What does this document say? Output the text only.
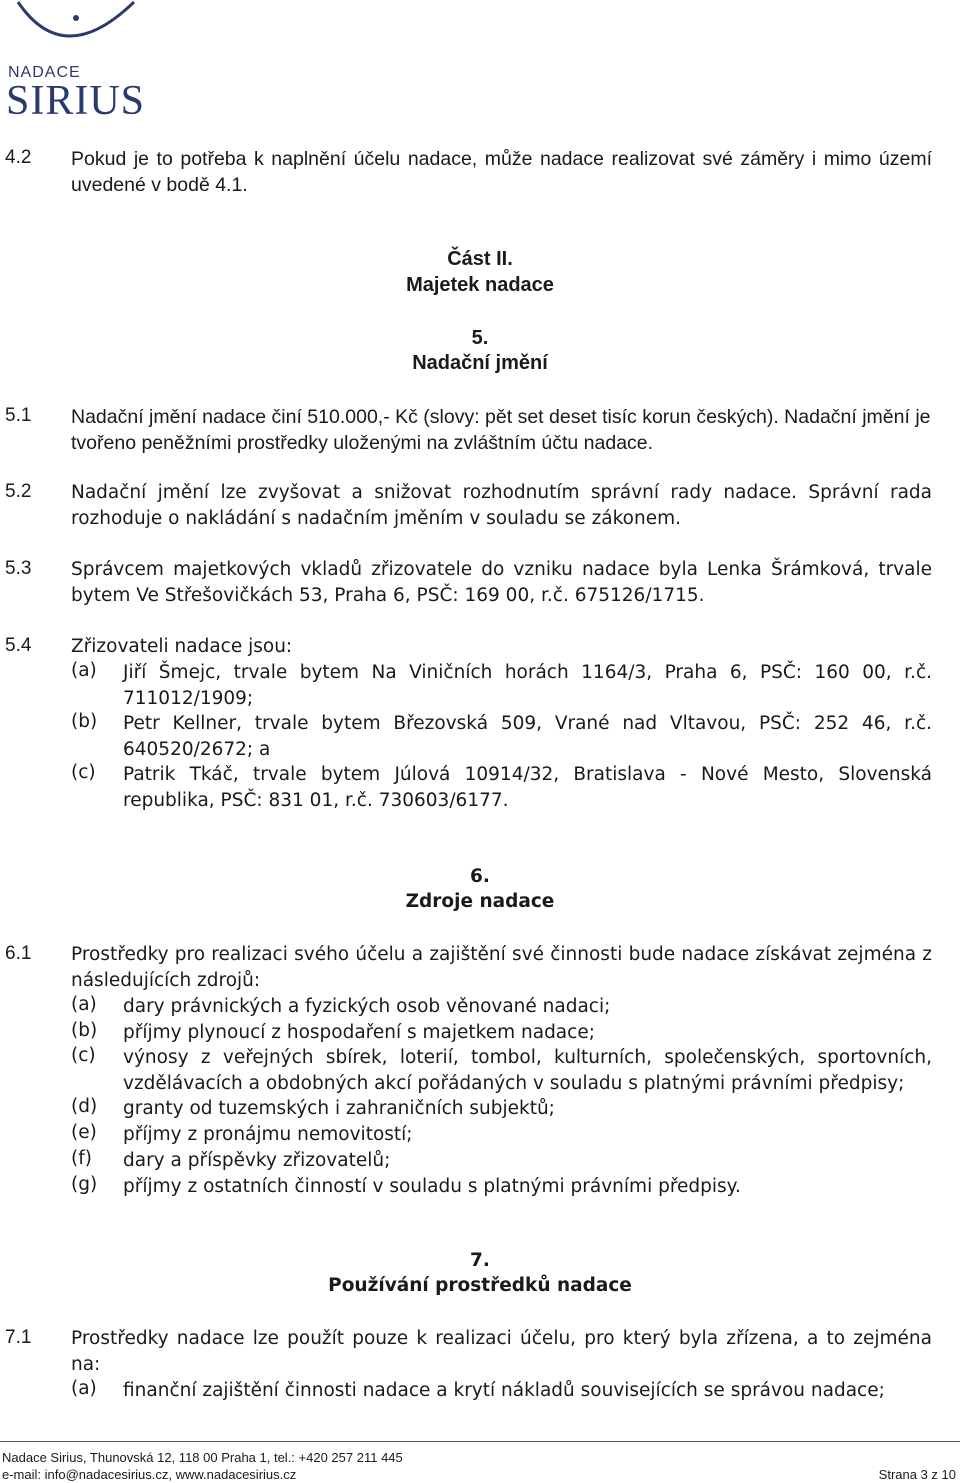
NADACE
SIRIUS
4.2 Pokud je to potřeba k naplnění účelu nadace, může nadace realizovat své záměry i mimo území uvedené v bodě 4.1.
Část II.
Majetek nadace
5.
Nadační jmění
5.1 Nadační jmění nadace činí 510.000,- Kč (slovy: pět set deset tisíc korun českých). Nadační jmění je tvořeno peněžními prostředky uloženými na zvláštním účtu nadace.
5.2 Nadační jmění lze zvyšovat a snižovat rozhodnutím správní rady nadace. Správní rada rozhoduje o nakládání s nadačním jměním v souladu se zákonem.
5.3 Správcem majetkových vkladů zřizovatele do vzniku nadace byla Lenka Šrámková, trvale bytem Ve Střešovičkách 53, Praha 6, PSČ: 169 00, r.č. 675126/1715.
5.4 Zřizovateli nadace jsou:
(a) Jiří Šmejc, trvale bytem Na Viničních horách 1164/3, Praha 6, PSČ: 160 00, r.č. 711012/1909;
(b) Petr Kellner, trvale bytem Březovská 509, Vrané nad Vltavou, PSČ: 252 46, r.č. 640520/2672; a
(c) Patrik Tkáč, trvale bytem Júlová 10914/32, Bratislava - Nové Mesto, Slovenská republika, PSČ: 831 01, r.č. 730603/6177.
6.
Zdroje nadace
6.1 Prostředky pro realizaci svého účelu a zajištění své činnosti bude nadace získávat zejména z následujících zdrojů:
(a) dary právnických a fyzických osob věnované nadaci;
(b) příjmy plynoucí z hospodaření s majetkem nadace;
(c) výnosy z veřejných sbírek, loterií, tombol, kulturních, společenských, sportovních, vzdělávacích a obdobných akcí pořádaných v souladu s platnými právními předpisy;
(d) granty od tuzemských i zahraničních subjektů;
(e) příjmy z pronájmu nemovitostí;
(f) dary a příspěvky zřizovatelů;
(g) příjmy z ostatních činností v souladu s platnými právními předpisy.
7.
Používání prostředků nadace
7.1 Prostředky nadace lze použít pouze k realizaci účelu, pro který byla zřízena, a to zejména na:
(a) finanční zajištění činnosti nadace a krytí nákladů souvisejících se správou nadace;
Nadace Sirius, Thunovská 12, 118 00 Praha 1, tel.: +420 257 211 445
e-mail: info@nadacesirius.cz, www.nadacesirius.cz	Strana 3 z 10
